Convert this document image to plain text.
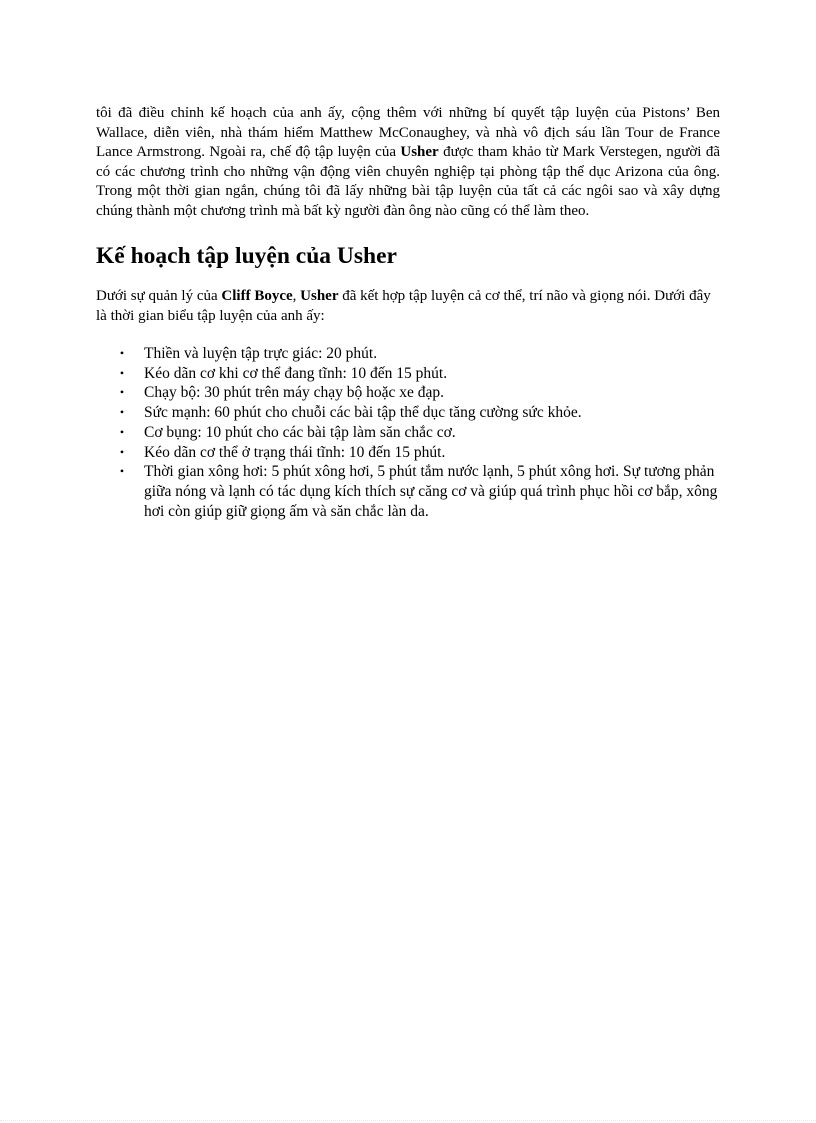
tôi đã điều chỉnh kế hoạch của anh ấy, cộng thêm với những bí quyết tập luyện của Pistons’ Ben Wallace, diễn viên, nhà thám hiểm Matthew McConaughey, và nhà vô địch sáu lần Tour de France Lance Armstrong. Ngoài ra, chế độ tập luyện của Usher được tham khảo từ Mark Verstegen, người đã có các chương trình cho những vận động viên chuyên nghiệp tại phòng tập thể dục Arizona của ông. Trong một thời gian ngắn, chúng tôi đã lấy những bài tập luyện của tất cả các ngôi sao và xây dựng chúng thành một chương trình mà bất kỳ người đàn ông nào cũng có thể làm theo.

Kế hoạch tập luyện của Usher

Dưới sự quản lý của Cliff Boyce, Usher đã kết hợp tập luyện cả cơ thể, trí não và giọng nói. Dưới đây là thời gian biểu tập luyện của anh ấy:

• Thiền và luyện tập trực giác: 20 phút.
• Kéo dãn cơ khi cơ thể đang tĩnh: 10 đến 15 phút.
• Chạy bộ: 30 phút trên máy chạy bộ hoặc xe đạp.
• Sức mạnh: 60 phút cho chuỗi các bài tập thể dục tăng cường sức khỏe.
• Cơ bụng: 10 phút cho các bài tập làm săn chắc cơ.
• Kéo dãn cơ thể ở trạng thái tĩnh: 10 đến 15 phút.
• Thời gian xông hơi: 5 phút xông hơi, 5 phút tắm nước lạnh, 5 phút xông hơi. Sự tương phản giữa nóng và lạnh có tác dụng kích thích sự căng cơ và giúp quá trình phục hồi cơ bắp, xông hơi còn giúp giữ giọng ấm và săn chắc làn da.
